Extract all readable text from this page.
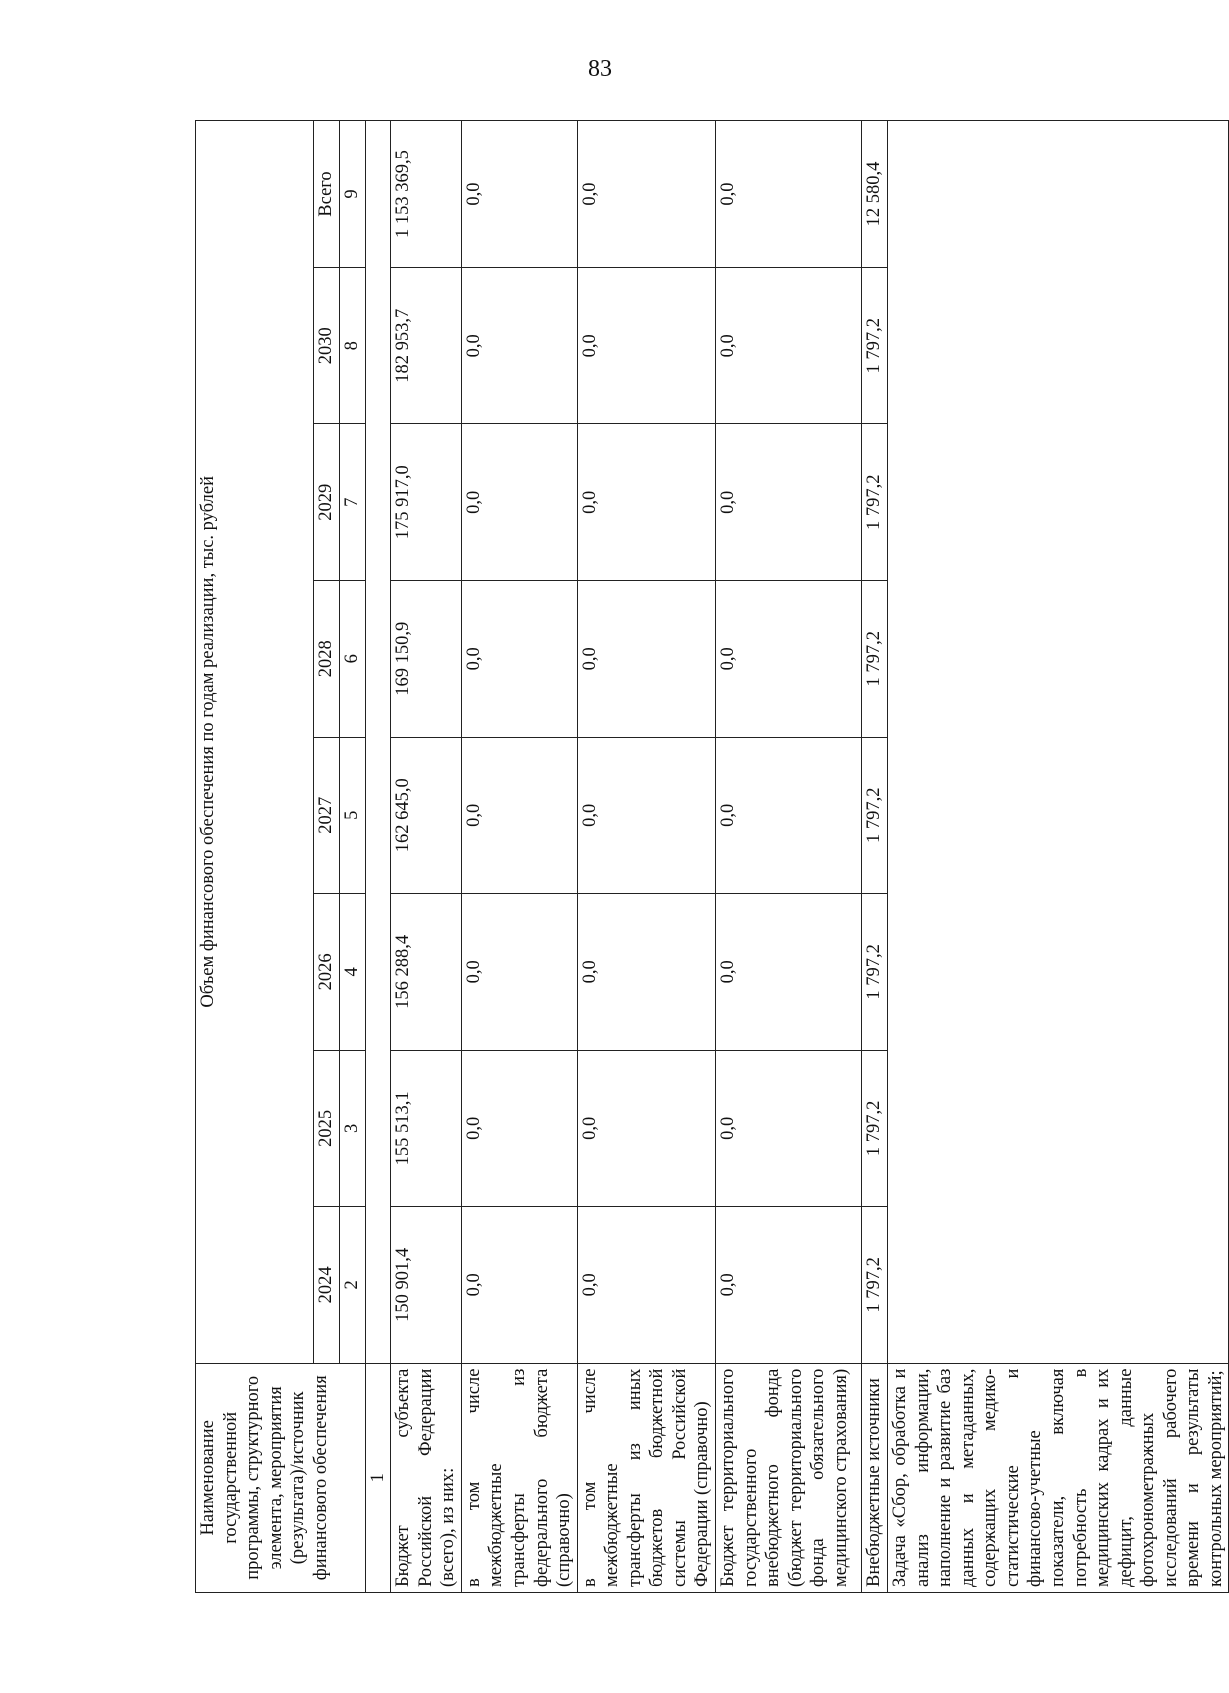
83
Наименование государственной программы, структурного элемента, мероприятия (результата)/источник финансового обеспечения	Объем финансового обеспечения по годам реализации, тыс. рублей							
	2024	2025	2026	2027	2028	2029	2030	Всего
	2	3	4	5	6	7	8	9
1								
Бюджет субъекта Российской Федерации (всего), из них:	150 901,4	155 513,1	156 288,4	162 645,0	169 150,9	175 917,0	182 953,7	1 153 369,5
в том числе межбюджетные трансферты из федерального бюджета (справочно)	0,0	0,0	0,0	0,0	0,0	0,0	0,0	0,0
в том числе межбюджетные трансферты из иных бюджетов бюджетной системы Российской Федерации (справочно)	0,0	0,0	0,0	0,0	0,0	0,0	0,0	0,0
Бюджет территориального государственного внебюджетного фонда (бюджет территориального фонда обязательного медицинского страхования)	0,0	0,0	0,0	0,0	0,0	0,0	0,0	0,0
Внебюджетные источники	1 797,2	1 797,2	1 797,2	1 797,2	1 797,2	1 797,2	1 797,2	12 580,4
Задача «Сбор, обработка и анализ информации, наполнение и развитие баз данных и метаданных, содержащих медико-статистические и финансово-учетные показатели, включая потребность в медицинских кадрах и их дефицит, данные фотохронометражных исследований рабочего времени и результаты контрольных мероприятий;								
